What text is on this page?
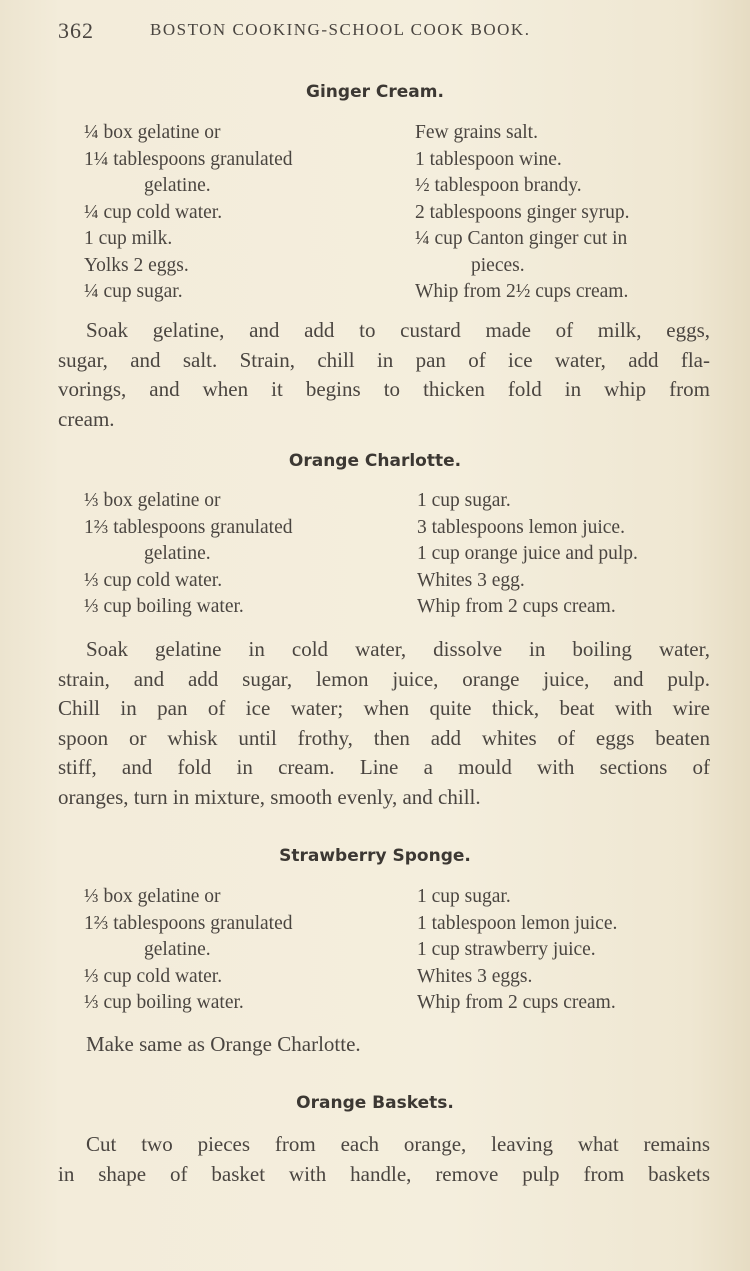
362	BOSTON COOKING-SCHOOL COOK BOOK.
Ginger Cream.
¼ box gelatine or
1¼ tablespoons granulated
gelatine.
¼ cup cold water.
1 cup milk.
Yolks 2 eggs.
¼ cup sugar.
Few grains salt.
1 tablespoon wine.
½ tablespoon brandy.
2 tablespoons ginger syrup.
¼ cup Canton ginger cut in
pieces.
Whip from 2½ cups cream.
Soak gelatine, and add to custard made of milk, eggs,
sugar, and salt. Strain, chill in pan of ice water, add fla-
vorings, and when it begins to thicken fold in whip from
cream.
Orange Charlotte.
⅓ box gelatine or
1⅔ tablespoons granulated
gelatine.
⅓ cup cold water.
⅓ cup boiling water.
1 cup sugar.
3 tablespoons lemon juice.
1 cup orange juice and pulp.
Whites 3 egg.
Whip from 2 cups cream.
Soak gelatine in cold water, dissolve in boiling water,
strain, and add sugar, lemon juice, orange juice, and pulp.
Chill in pan of ice water; when quite thick, beat with wire
spoon or whisk until frothy, then add whites of eggs beaten
stiff, and fold in cream. Line a mould with sections of
oranges, turn in mixture, smooth evenly, and chill.
Strawberry Sponge.
⅓ box gelatine or
1⅔ tablespoons granulated
gelatine.
⅓ cup cold water.
⅓ cup boiling water.
1 cup sugar.
1 tablespoon lemon juice.
1 cup strawberry juice.
Whites 3 eggs.
Whip from 2 cups cream.
Make same as Orange Charlotte.
Orange Baskets.
Cut two pieces from each orange, leaving what remains
in shape of basket with handle, remove pulp from baskets
